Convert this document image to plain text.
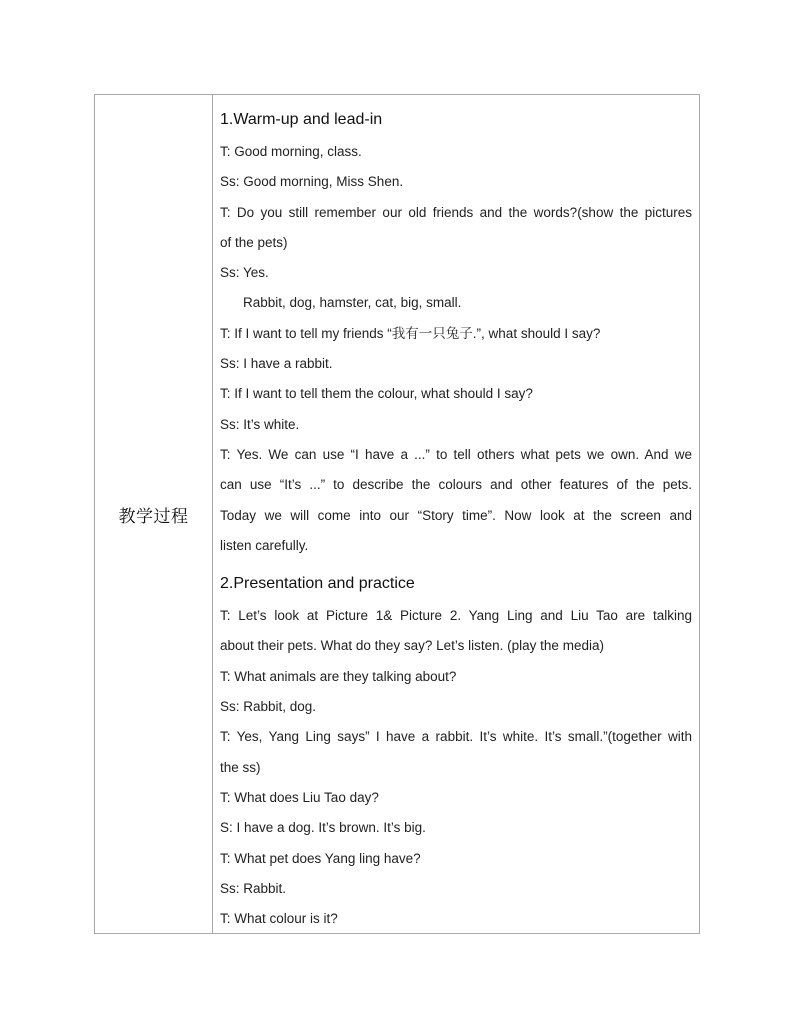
教学过程
1.Warm-up and lead-in
T: Good morning, class.
Ss: Good morning, Miss Shen.
T: Do you still remember our old friends and the words?(show the pictures
of the pets)
Ss: Yes.
Rabbit, dog, hamster, cat, big, small.
T: If I want to tell my friends “我有一只兔子.”, what should I say?
Ss: I have a rabbit.
T: If I want to tell them the colour, what should I say?
Ss: It’s white.
T: Yes. We can use “I have a ...” to tell others what pets we own. And we
can use “It’s ...” to describe the colours and other features of the pets.
Today we will come into our “Story time”. Now look at the screen and
listen carefully.
2.Presentation and practice
T: Let’s look at Picture 1& Picture 2. Yang Ling and Liu Tao are talking
about their pets. What do they say? Let’s listen. (play the media)
T: What animals are they talking about?
Ss: Rabbit, dog.
T: Yes, Yang Ling says” I have a rabbit. It’s white. It’s small.”(together with
the ss)
T: What does Liu Tao day?
S: I have a dog. It’s brown. It’s big.
T: What pet does Yang ling have?
Ss: Rabbit.
T: What colour is it?
